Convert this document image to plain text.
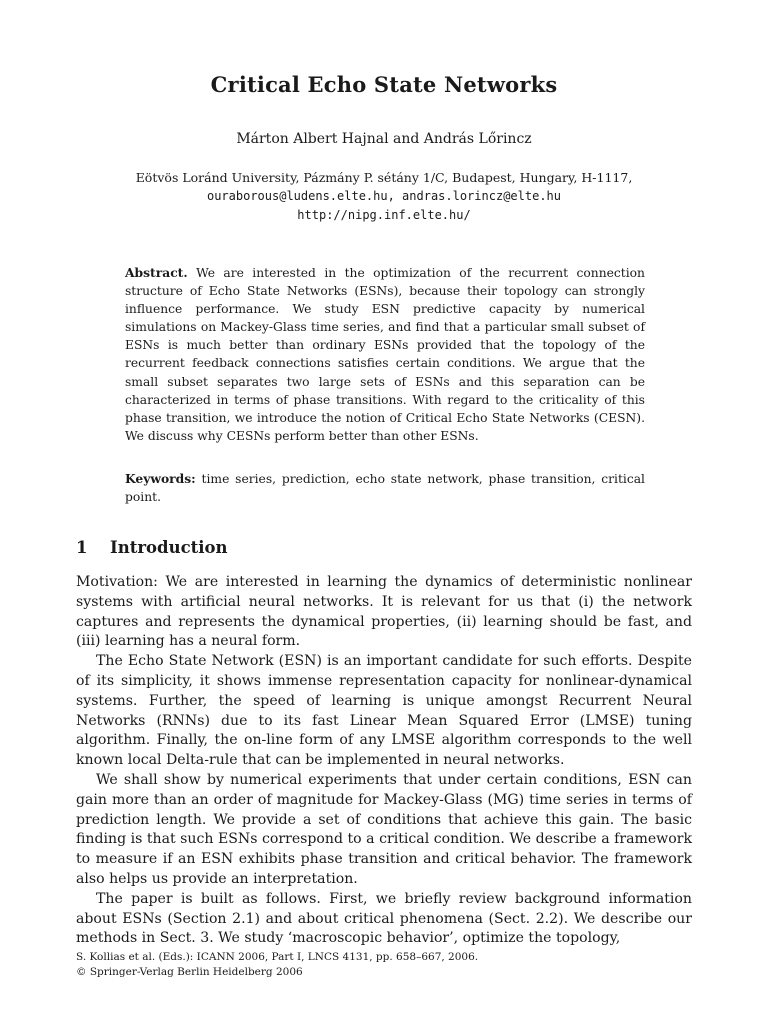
Critical Echo State Networks
Márton Albert Hajnal and András Lőrincz
Eötvös Loránd University, Pázmány P. sétány 1/C, Budapest, Hungary, H-1117,
ouraborous@ludens.elte.hu, andras.lorincz@elte.hu
http://nipg.inf.elte.hu/
Abstract. We are interested in the optimization of the recurrent connection structure of Echo State Networks (ESNs), because their topology can strongly influence performance. We study ESN predictive capacity by numerical simulations on Mackey-Glass time series, and find that a particular small subset of ESNs is much better than ordinary ESNs provided that the topology of the recurrent feedback connections satisfies certain conditions. We argue that the small subset separates two large sets of ESNs and this separation can be characterized in terms of phase transitions. With regard to the criticality of this phase transition, we introduce the notion of Critical Echo State Networks (CESN). We discuss why CESNs perform better than other ESNs.
Keywords: time series, prediction, echo state network, phase transition, critical point.
1 Introduction

Motivation: We are interested in learning the dynamics of deterministic nonlinear systems with artificial neural networks. It is relevant for us that (i) the network captures and represents the dynamical properties, (ii) learning should be fast, and (iii) learning has a neural form.

The Echo State Network (ESN) is an important candidate for such efforts. Despite of its simplicity, it shows immense representation capacity for nonlinear-dynamical systems. Further, the speed of learning is unique amongst Recurrent Neural Networks (RNNs) due to its fast Linear Mean Squared Error (LMSE) tuning algorithm. Finally, the on-line form of any LMSE algorithm corresponds to the well known local Delta-rule that can be implemented in neural networks.

We shall show by numerical experiments that under certain conditions, ESN can gain more than an order of magnitude for Mackey-Glass (MG) time series in terms of prediction length. We provide a set of conditions that achieve this gain. The basic finding is that such ESNs correspond to a critical condition. We describe a framework to measure if an ESN exhibits phase transition and critical behavior. The framework also helps us provide an interpretation.

The paper is built as follows. First, we briefly review background information about ESNs (Section 2.1) and about critical phenomena (Sect. 2.2). We describe our methods in Sect. 3. We study ‘macroscopic behavior’, optimize the topology,

S. Kollias et al. (Eds.): ICANN 2006, Part I, LNCS 4131, pp. 658–667, 2006.
© Springer-Verlag Berlin Heidelberg 2006
